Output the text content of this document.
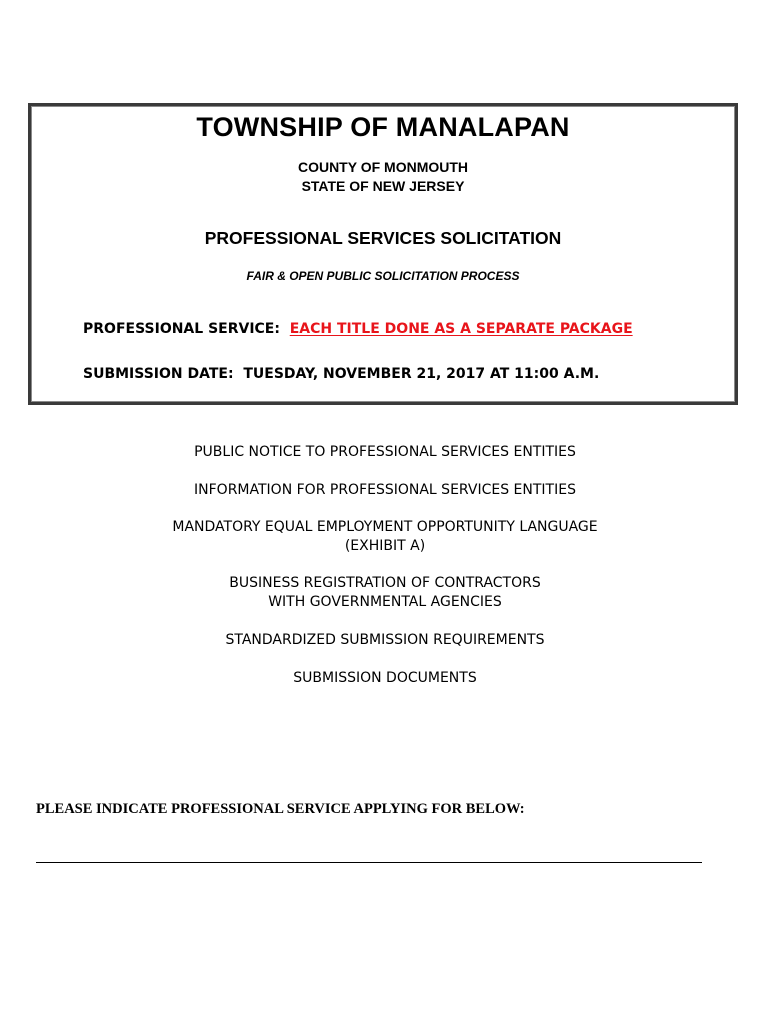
TOWNSHIP OF MANALAPAN
COUNTY OF MONMOUTH
STATE OF NEW JERSEY
PROFESSIONAL SERVICES SOLICITATION
FAIR & OPEN PUBLIC SOLICITATION PROCESS
PROFESSIONAL SERVICE: EACH TITLE DONE AS A SEPARATE PACKAGE
SUBMISSION DATE: TUESDAY, NOVEMBER 21, 2017 AT 11:00 A.M.
PUBLIC NOTICE TO PROFESSIONAL SERVICES ENTITIES
INFORMATION FOR PROFESSIONAL SERVICES ENTITIES
MANDATORY EQUAL EMPLOYMENT OPPORTUNITY LANGUAGE
(EXHIBIT A)
BUSINESS REGISTRATION OF CONTRACTORS
WITH GOVERNMENTAL AGENCIES
STANDARDIZED SUBMISSION REQUIREMENTS
SUBMISSION DOCUMENTS
PLEASE INDICATE PROFESSIONAL SERVICE APPLYING FOR BELOW:
